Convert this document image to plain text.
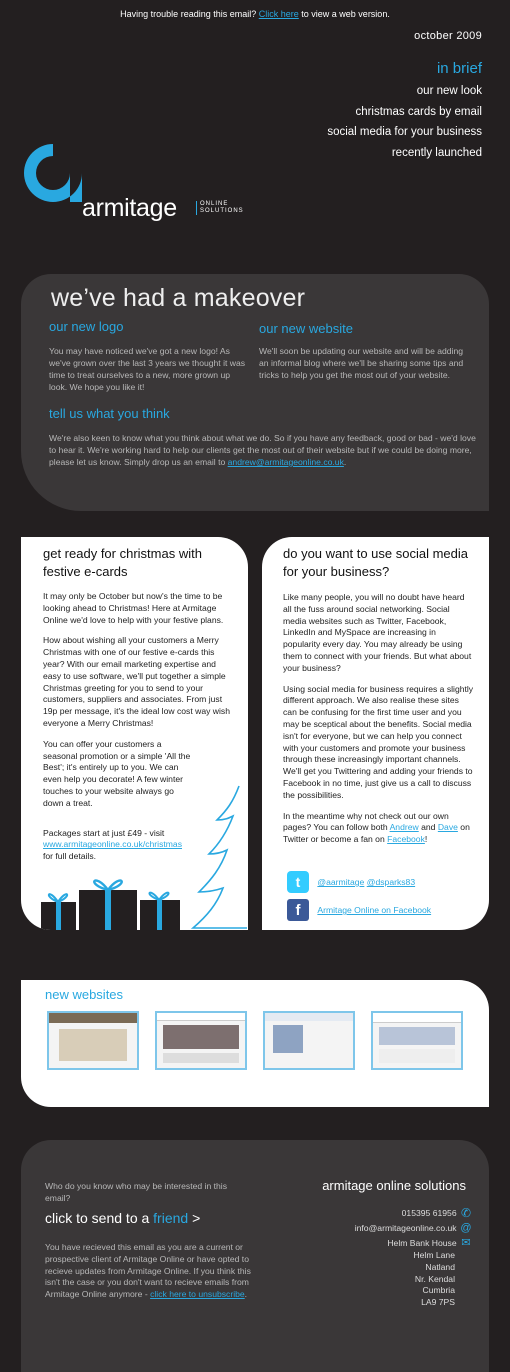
Having trouble reading this email? Click here to view a web version.
october 2009
in brief
our new look
christmas cards by email
social media for your business
recently launched
armitage	ONLINE
SOLUTIONS
we’ve had a makeover
our new logo

You may have noticed we've got a new logo! As we've grown over the last 3 years we thought it was time to treat ourselves to a new, more grown up look. We hope you like it!

our new website

We'll soon be updating our website and will be adding an informal blog where we'll be sharing some tips and tricks to help you get the most out of your website.

tell us what you think

We're also keen to know what you think about what we do. So if you have any feedback, good or bad - we'd love to hear it. We're working hard to help our clients get the most out of their website but if we could be doing more, please let us know. Simply drop us an email to andrew@armitageonline.co.uk.

get ready for christmas with festive e-cards

It may only be October but now's the time to be looking ahead to Christmas! Here at Armitage Online we'd love to help with your festive plans.

How about wishing all your customers a Merry Christmas with one of our festive e-cards this year? With our email marketing expertise and easy to use software, we'll put together a simple Christmas greeting for you to send to your customers, suppliers and associates. From just 19p per message, it's the ideal low cost way wish everyone a Merry Christmas!

You can offer your customers a seasonal promotion or a simple 'All the Best'; it's entirely up to you. We can even help you decorate! A few winter touches to your website always go down a treat.

Packages start at just £49 - visit
www.armitageonline.co.uk/christmas
for full details.

do you want to use social media for your business?

Like many people, you will no doubt have heard all the fuss around social networking. Social media websites such as Twitter, Facebook, LinkedIn and MySpace are increasing in popularity every day. You may already be using them to connect with your friends. But what about your business?

Using social media for business requires a slightly different approach. We also realise these sites can be confusing for the first time user and you may be sceptical about the benefits. Social media isn't for everyone, but we can help you connect with your customers and promote your business through these increasingly important channels. We'll get you Twittering and adding your friends to Facebook in no time, just give us a call to discuss the possibilities.

In the meantime why not check out our own pages? You can follow both Andrew and Dave on Twitter or become a fan on Facebook!

t @aarmitage @dsparks83
f Armitage Online on Facebook
new websites

Who do you know who may be interested in this email?

click to send to a friend >

You have recieved this email as you are a current or prospective client of Armitage Online or have opted to recieve updates from Armitage Online. If you think this isn't the case or you don't want to recieve emails from Armitage Online anymore - click here to unsubscribe.

armitage online solutions
015395 61956 ✆
info@armitageonline.co.uk @
Helm Bank House ✉
Helm Lane
Natland
Nr. Kendal
Cumbria
LA9 7PS
